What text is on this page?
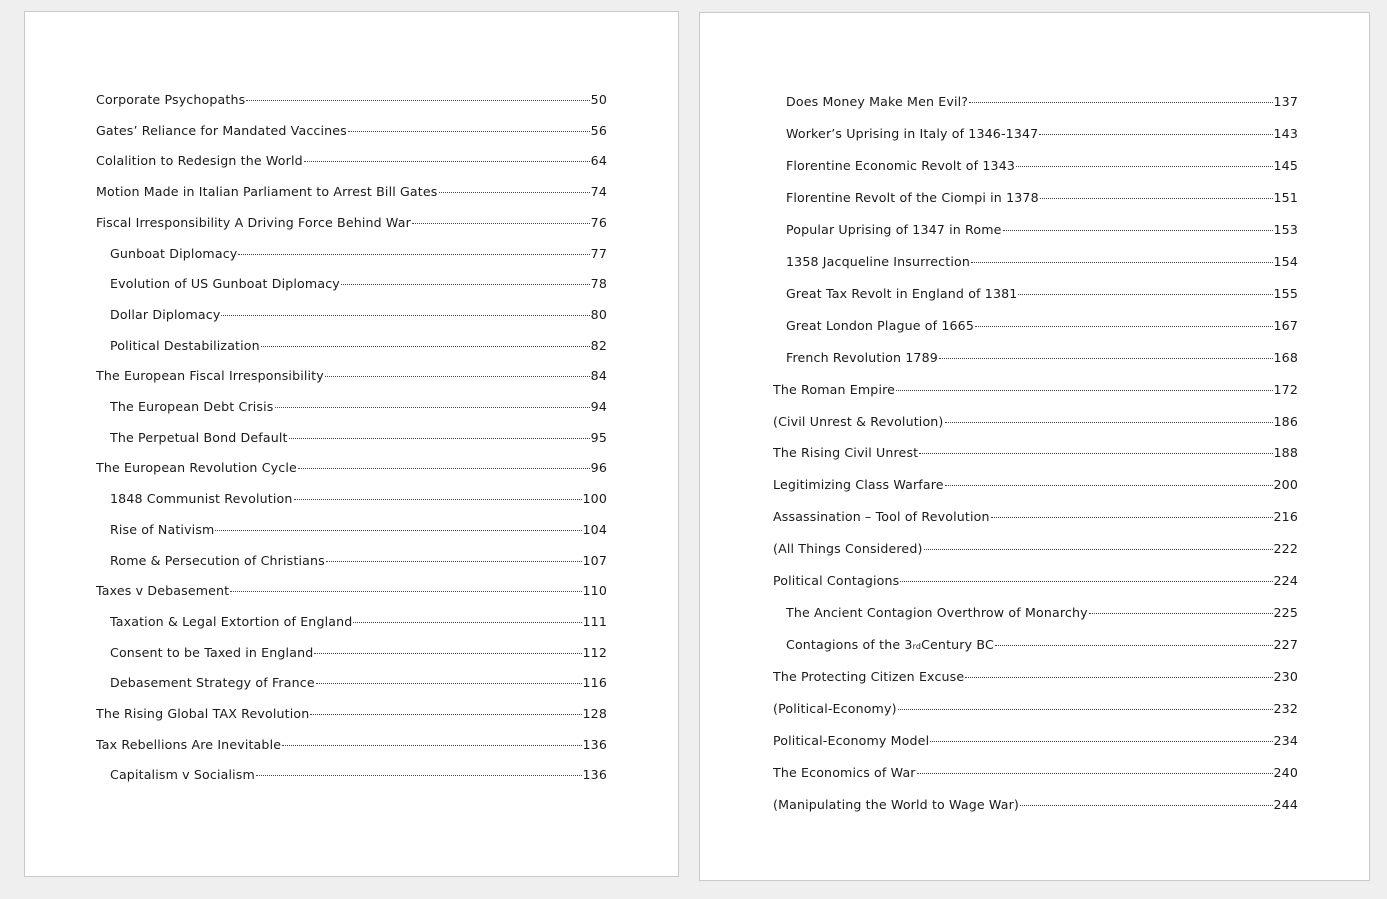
Corporate Psychopaths	50
Gates’ Reliance for Mandated Vaccines	56
Colalition to Redesign the World	64
Motion Made in Italian Parliament to Arrest Bill Gates	74
Fiscal Irresponsibility A Driving Force Behind War	76
Gunboat Diplomacy	77
Evolution of US Gunboat Diplomacy	78
Dollar Diplomacy	80
Political Destabilization	82
The European Fiscal Irresponsibility	84
The European Debt Crisis	94
The Perpetual Bond Default	95
The European Revolution Cycle	96
1848 Communist Revolution	100
Rise of Nativism	104
Rome & Persecution of Christians	107
Taxes v Debasement	110
Taxation & Legal Extortion of England	111
Consent to be Taxed in England	112
Debasement Strategy of France	116
The Rising Global TAX Revolution	128
Tax Rebellions Are Inevitable	136
Capitalism v Socialism	136
Does Money Make Men Evil?	137
Worker’s Uprising in Italy of 1346-1347	143
Florentine Economic Revolt of 1343	145
Florentine Revolt of the Ciompi in 1378	151
Popular Uprising of 1347 in Rome	153
1358 Jacqueline Insurrection	154
Great Tax Revolt in England of 1381	155
Great London Plague of 1665	167
French Revolution 1789	168
The Roman Empire	172
(Civil Unrest & Revolution)	186
The Rising Civil Unrest	188
Legitimizing Class Warfare	200
Assassination – Tool of Revolution	216
(All Things Considered)	222
Political Contagions	224
The Ancient Contagion Overthrow of Monarchy	225
Contagions of the 3 rd Century BC	227
The Protecting Citizen Excuse	230
(Political-Economy)	232
Political-Economy Model	234
The Economics of War	240
(Manipulating the World to Wage War)	244
